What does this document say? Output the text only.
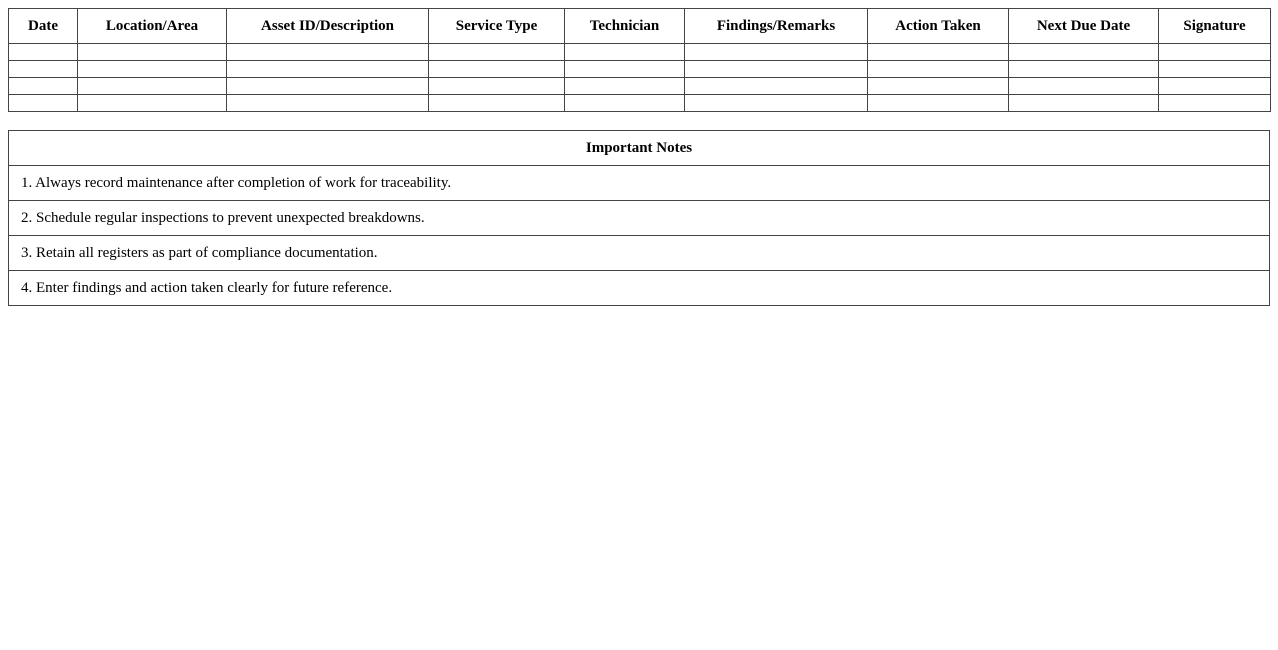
Date	Location/Area	Asset ID/Description	Service Type	Technician	Findings/Remarks	Action Taken	Next Due Date	Signature

Important Notes
1. Always record maintenance after completion of work for traceability.
2. Schedule regular inspections to prevent unexpected breakdowns.
3. Retain all registers as part of compliance documentation.
4. Enter findings and action taken clearly for future reference.
